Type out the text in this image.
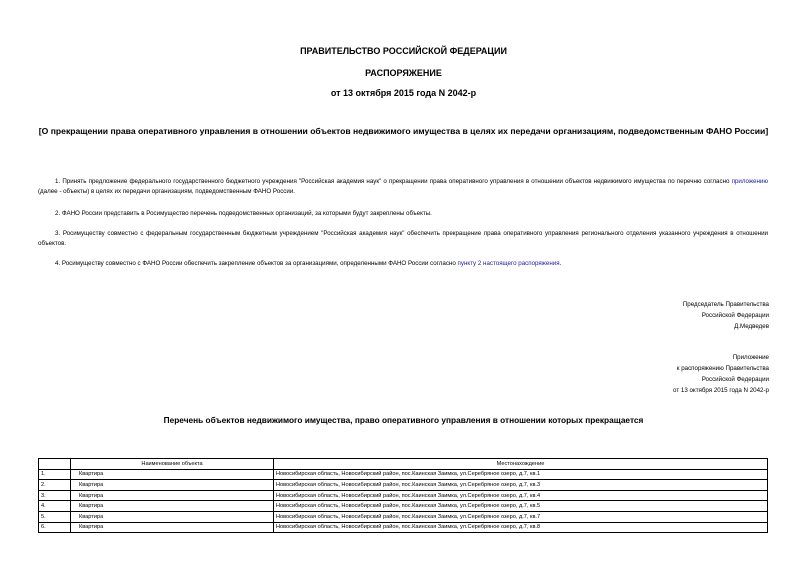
ПРАВИТЕЛЬСТВО РОССИЙСКОЙ ФЕДЕРАЦИИ
РАСПОРЯЖЕНИЕ
от 13 октября 2015 года N 2042-р
[О прекращении права оперативного управления в отношении объектов недвижимого имущества в целях их передачи организациям, подведомственным ФАНО России]
1. Принять предложение федерального государственного бюджетного учреждения "Российская академия наук" о прекращении права оперативного управления в отношении объектов недвижимого имущества по перечню согласно приложению (далее - объекты) в целях их передачи организациям, подведомственным ФАНО России.
2. ФАНО России представить в Росимущество перечень подведомственных организаций, за которыми будут закреплены объекты.
3. Росимуществу совместно с федеральным государственным бюджетным учреждением "Российская академия наук" обеспечить прекращение права оперативного управления регионального отделения указанного учреждения в отношении объектов.
4. Росимуществу совместно с ФАНО России обеспечить закрепление объектов за организациями, определенными ФАНО России согласно пункту 2 настоящего распоряжения.
Председатель Правительства
Российской Федерации
Д.Медведев
Приложение
к распоряжению Правительства
Российской Федерации
от 13 октября 2015 года N 2042-р
Перечень объектов недвижимого имущества, право оперативного управления в отношении которых прекращается
	Наименование объекта	Местонахождение
1.	Квартира	Новосибирская область, Новосибирский район, пос.Каинская Заимка, ул.Серебряное озеро, д.7, кв.1
2.	Квартира	Новосибирская область, Новосибирский район, пос.Каинская Заимка, ул.Серебряное озеро, д.7, кв.3
3.	Квартира	Новосибирская область, Новосибирский район, пос.Каинская Заимка, ул.Серебряное озеро, д.7, кв.4
4.	Квартира	Новосибирская область, Новосибирский район, пос.Каинская Заимка, ул.Серебряное озеро, д.7, кв.5
5.	Квартира	Новосибирская область, Новосибирский район, пос.Каинская Заимка, ул.Серебряное озеро, д.7, кв.7
6.	Квартира	Новосибирская область, Новосибирский район, пос.Каинская Заимка, ул.Серебряное озеро, д.7, кв.8
